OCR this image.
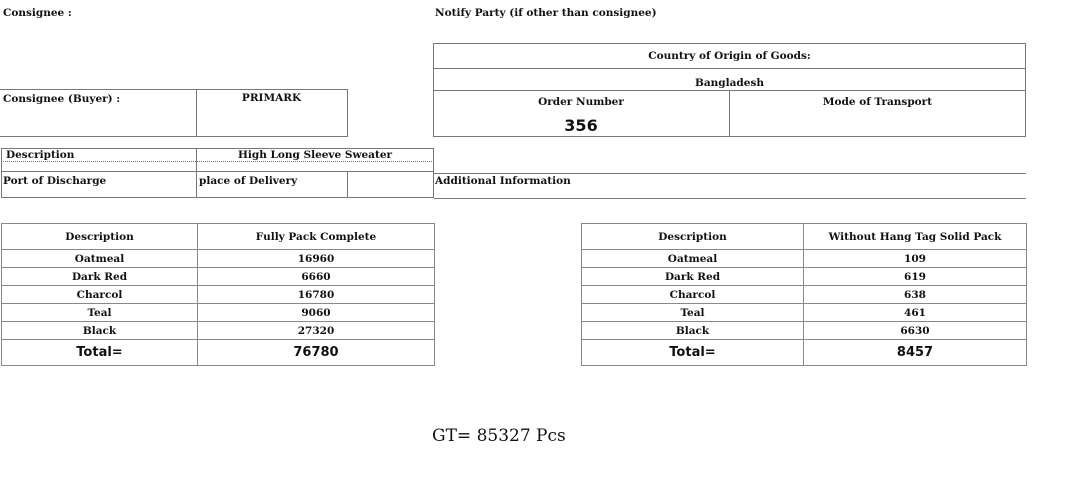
Consignee :	Notify Party (if other than consignee)
Country of Origin of Goods:
Bangladesh
Order Number
356
Mode of Transport
Consignee (Buyer) :	PRIMARK
Description	High Long Sleeve Sweater
Port of Discharge	place of Delivery	Additional Information
Description	Fully Pack Complete
Oatmeal	16960
Dark Red	6660
Charcol	16780
Teal	9060
Black	27320
Total=	76780
Description	Without Hang Tag Solid Pack
Oatmeal	109
Dark Red	619
Charcol	638
Teal	461
Black	6630
Total=	8457
GT= 85327 Pcs
